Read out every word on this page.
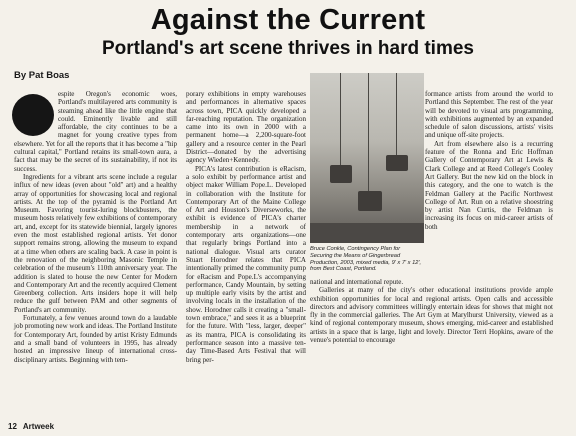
Against the Current
Portland's art scene thrives in hard times
By Pat Boas

espite Oregon's economic woes, Portland's multilayered arts community is steaming ahead like the little engine that could. Eminently livable and still affordable, the city continues to be a magnet for young creative types from elsewhere. Yet for all the reports that it has become a "hip cultural capital," Portland retains its small-town aura, a fact that may be the secret of its sustainability, if not its success.

Ingredients for a vibrant arts scene include a regular influx of new ideas (even about "old" art) and a healthy array of opportunities for showcasing local and regional artists. At the top of the pyramid is the Portland Art Museum. Favoring tourist-luring blockbusters, the museum hosts relatively few exhibitions of contemporary art, and, except for its statewide biennial, largely ignores even the most established regional artists. Yet donor support remains strong, allowing the museum to expand at a time when others are scaling back. A case in point is the renovation of the neighboring Masonic Temple in celebration of the museum's 110th anniversary year. The addition is slated to house the new Center for Modern and Contemporary Art and the recently acquired Clement Greenberg collection. Arts insiders hope it will help reduce the gulf between PAM and other segments of Portland's art community.

Fortunately, a few venues around town do a laudable job promoting new work and ideas. The Portland Institute for Contemporary Art, founded by artist Kristy Edmunds and a small band of volunteers in 1995, has already hosted an impressive lineup of international cross-disciplinary artists. Beginning with tem-

porary exhibitions in empty warehouses and performances in alternative spaces across town, PICA quickly developed a far-reaching reputation. The organization came into its own in 2000 with a permanent home—a 2,200-square-foot gallery and a resource center in the Pearl District—donated by the advertising agency Wieden+Kennedy.

PICA's latest contribution is eRacism, a solo exhibit by performance artist and object maker William Pope.L. Developed in collaboration with the Institute for Contemporary Art of the Maine College of Art and Houston's Diverseworks, the exhibit is evidence of PICA's charter membership in a network of contemporary arts organizations—one that regularly brings Portland into a national dialogue. Visual arts curator Stuart Horodner relates that PICA intentionally primed the community pump for eRacism and Pope.L's accompanying performance, Candy Mountain, by setting up multiple early visits by the artist and involving locals in the installation of the show. Horodner calls it creating a "small-town embrace," and sees it as a blueprint for the future. With "less, larger, deeper" as its mantra, PICA is consolidating its performance season into a massive ten-day Time-Based Arts Festival that will bring per-

Bruce Conkle, Contingency Plan for Securing the Means of Gingerbread Production, 2003, mixed media, 9' x 7' x 12', from Best Coast, Portland.

formance artists from around the world to Portland this September. The rest of the year will be devoted to visual arts programming, with exhibitions augmented by an expanded schedule of salon discussions, artists' visits and unique off-site projects.

Art from elsewhere also is a recurring feature of the Ronna and Eric Hoffman Gallery of Contemporary Art at Lewis & Clark College and at Reed College's Cooley Art Gallery. But the new kid on the block in this category, and the one to watch is the Feldman Gallery at the Pacific Northwest College of Art. Run on a relative shoestring by artist Nan Curtis, the Feldman is increasing its focus on mid-career artists of both

national and international repute.

Galleries at many of the city's other educational institutions provide ample exhibition opportunities for local and regional artists. Open calls and accessible directors and advisory committees willingly entertain ideas for shows that might not fly in the commercial galleries. The Art Gym at Marylhurst University, viewed as a kind of regional contemporary museum, shows emerging, mid-career and established artists in a space that is large, light and lovely. Director Terri Hopkins, aware of the venue's potential to encourage

12 Artweek
